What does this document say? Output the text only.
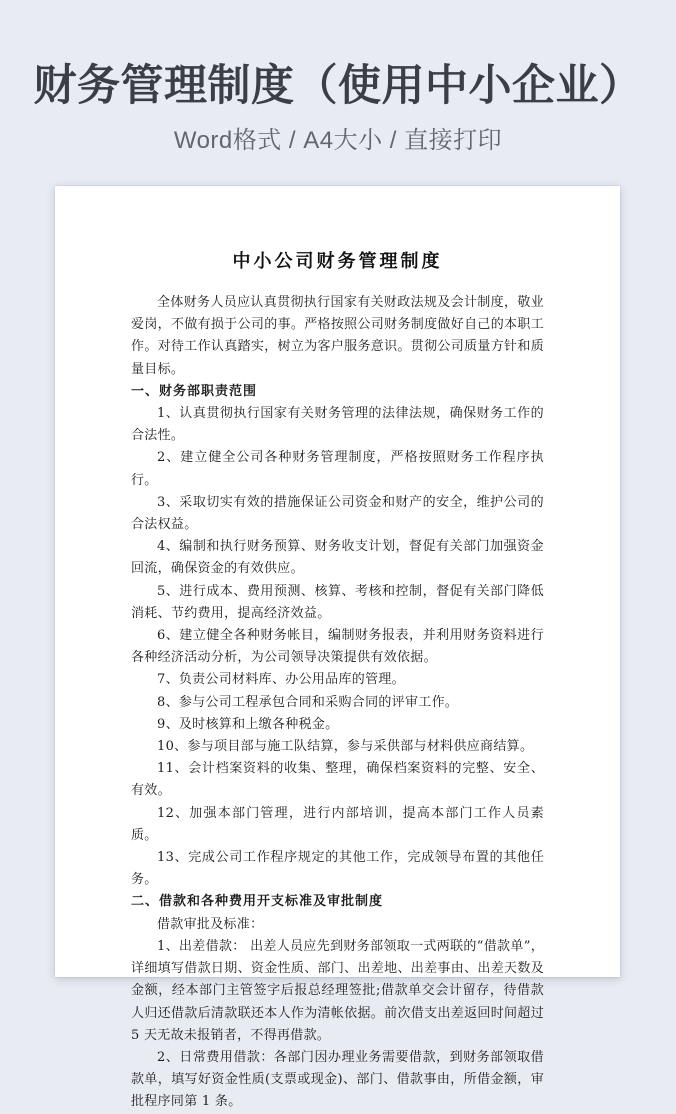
财务管理制度（使用中小企业）

Word格式 / A4大小 / 直接打印

中小公司财务管理制度

全体财务人员应认真贯彻执行国家有关财政法规及会计制度，敬业爱岗，不做有损于公司的事。严格按照公司财务制度做好自己的本职工作。对待工作认真踏实，树立为客户服务意识。贯彻公司质量方针和质量目标。

一、财务部职责范围

1、认真贯彻执行国家有关财务管理的法律法规，确保财务工作的合法性。

2、建立健全公司各种财务管理制度，严格按照财务工作程序执行。

3、采取切实有效的措施保证公司资金和财产的安全，维护公司的合法权益。

4、编制和执行财务预算、财务收支计划，督促有关部门加强资金回流，确保资金的有效供应。

5、进行成本、费用预测、核算、考核和控制，督促有关部门降低消耗、节约费用，提高经济效益。

6、建立健全各种财务帐目，编制财务报表，并利用财务资料进行各种经济活动分析，为公司领导决策提供有效依据。

7、负责公司材料库、办公用品库的管理。

8、参与公司工程承包合同和采购合同的评审工作。

9、及时核算和上缴各种税金。

10、参与项目部与施工队结算，参与采供部与材料供应商结算。

11、会计档案资料的收集、整理，确保档案资料的完整、安全、有效。

12、加强本部门管理，进行内部培训，提高本部门工作人员素质。

13、完成公司工作程序规定的其他工作，完成领导布置的其他任务。

二、借款和各种费用开支标准及审批制度

借款审批及标准：

1、出差借款： 出差人员应先到财务部领取一式两联的“借款单”，详细填写借款日期、资金性质、部门、出差地、出差事由、出差天数及金额，经本部门主管签字后报总经理签批;借款单交会计留存，待借款人归还借款后清款联还本人作为清帐依据。前次借支出差返回时间超过 5 天无故未报销者，不得再借款。

2、日常费用借款：各部门因办理业务需要借款，到财务部领取借款单，填写好资金性质(支票或现金)、部门、借款事由，所借金额，审批程序同第 1 条。
